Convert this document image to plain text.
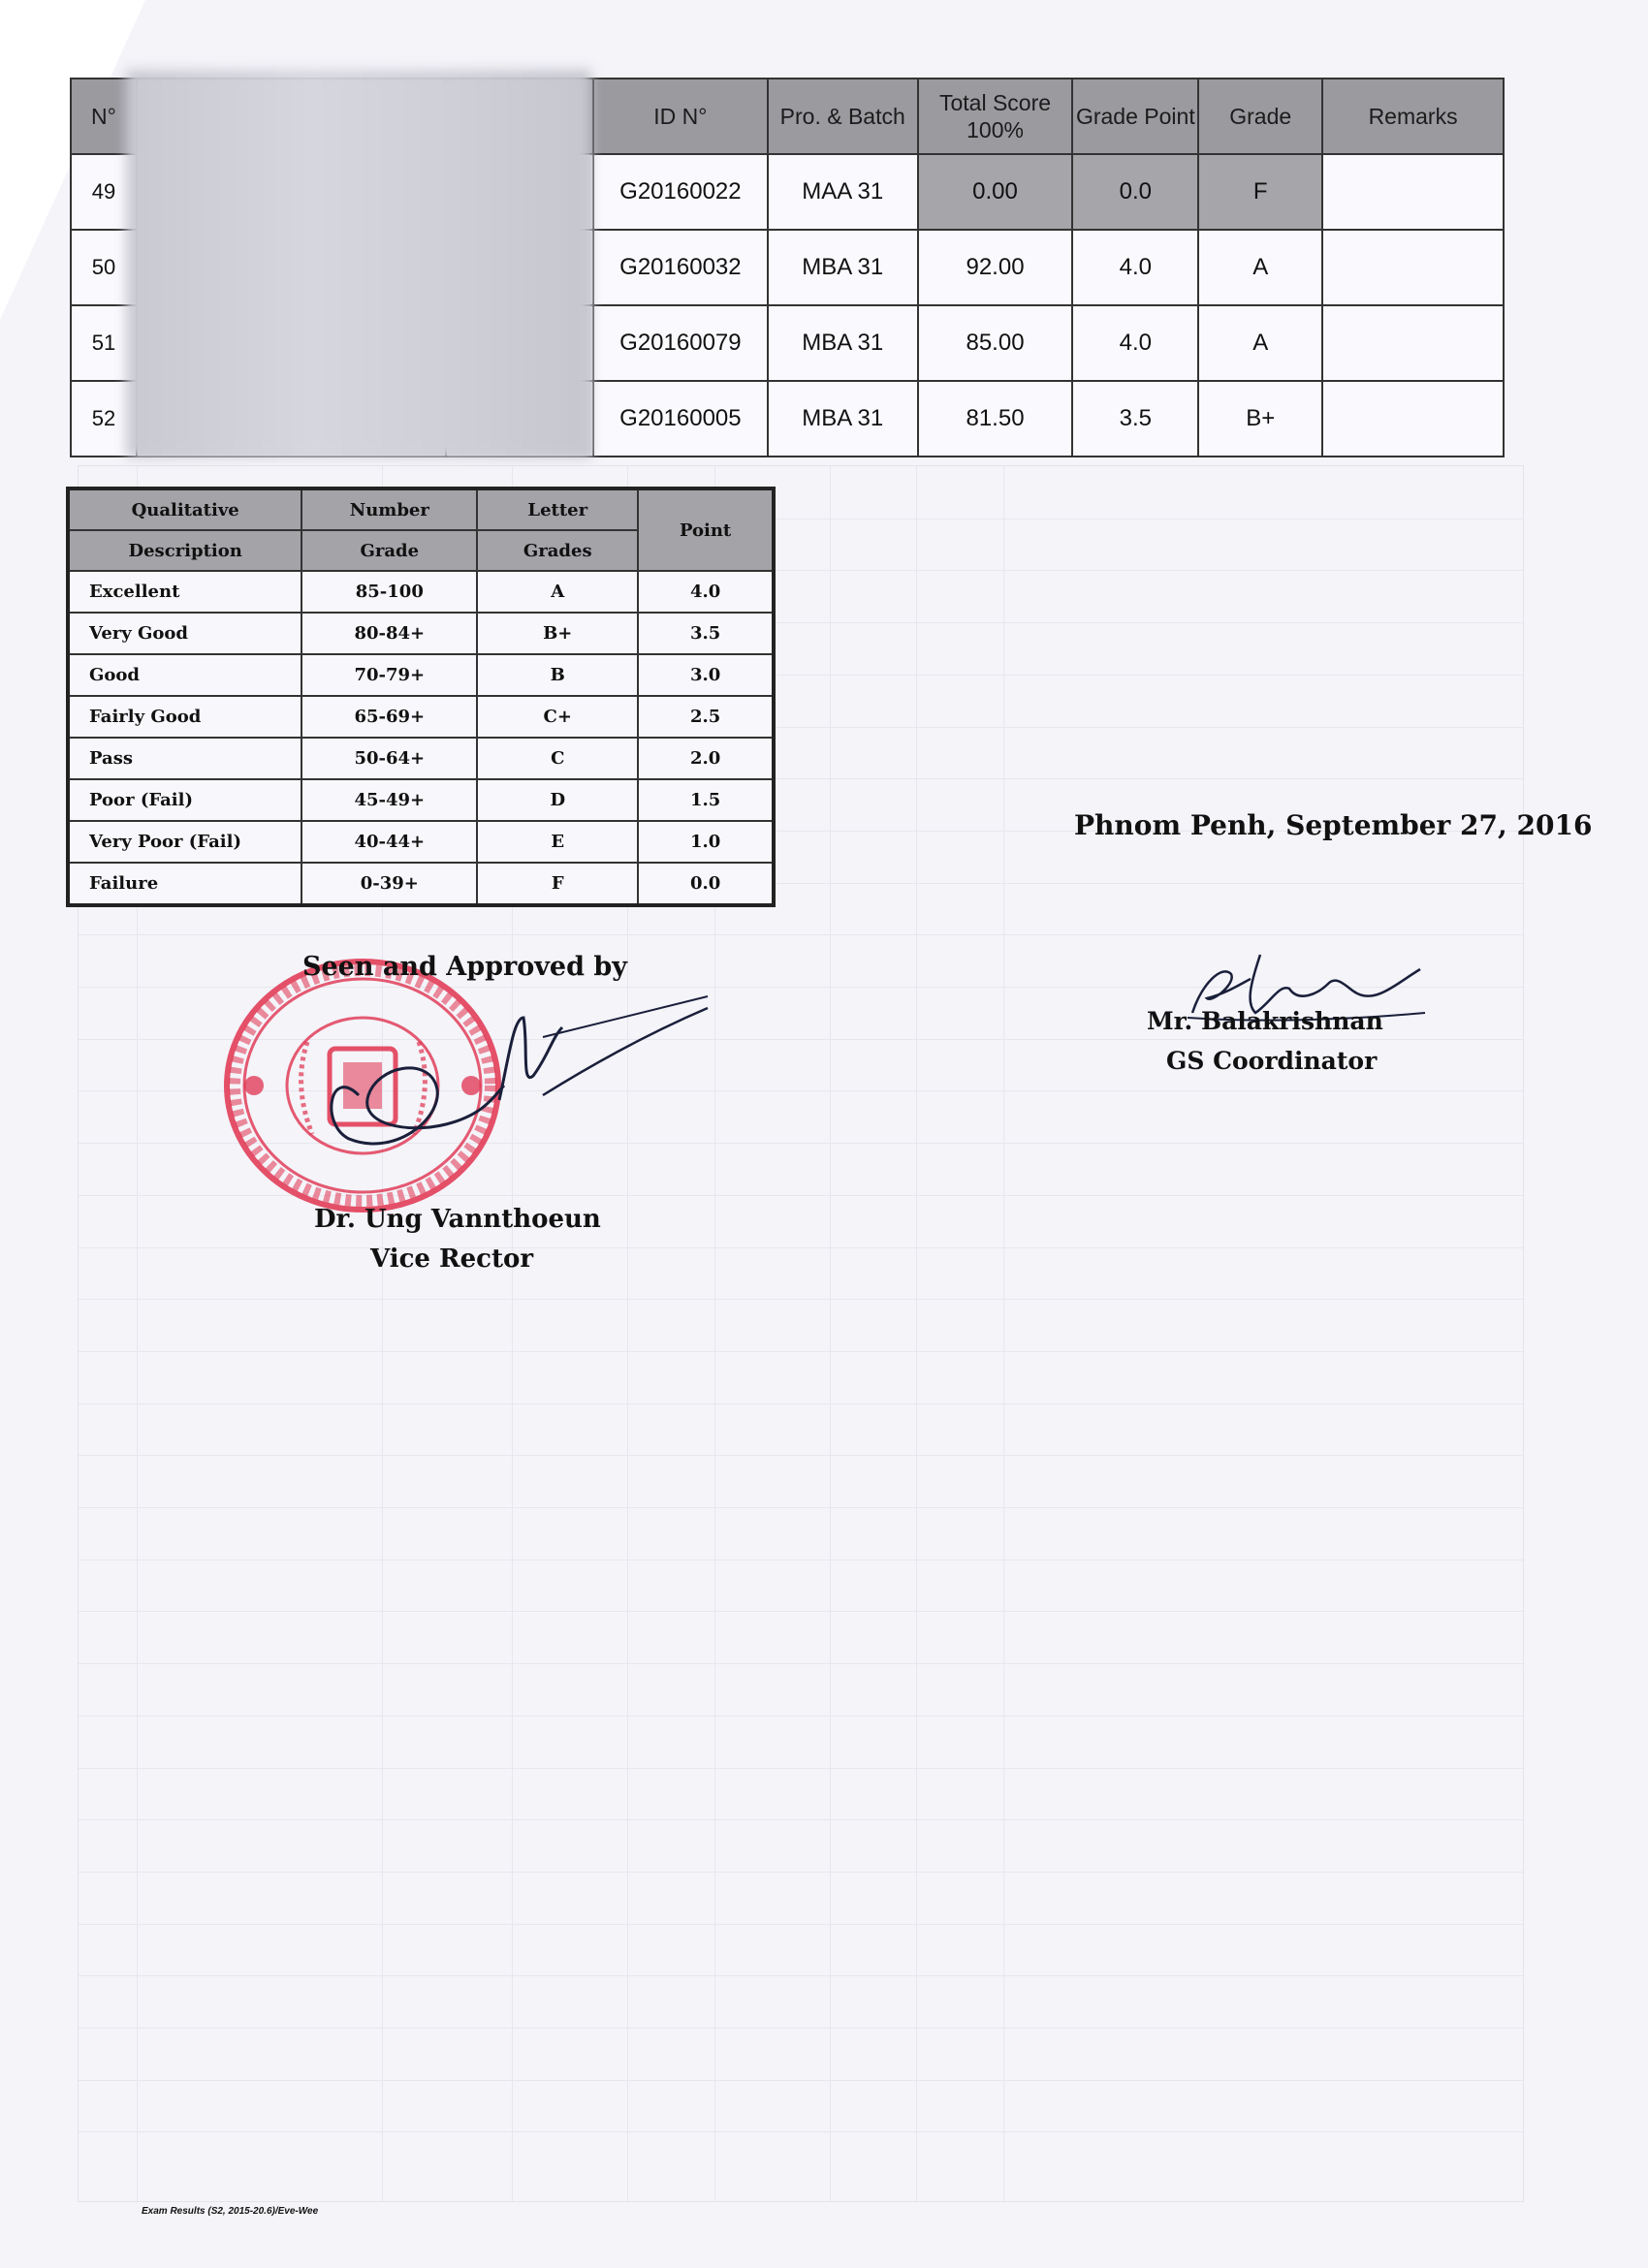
N°			ID N°	Pro. & Batch	Total Score 100%	Grade Point	Grade	Remarks
49			G20160022	MAA 31	0.00	0.0	F	
50			G20160032	MBA 31	92.00	4.0	A	
51			G20160079	MBA 31	85.00	4.0	A	
52			G20160005	MBA 31	81.50	3.5	B+	
Qualitative	Number	Letter	Point
Description	Grade	Grades	
Excellent	85-100	A	4.0
Very Good	80-84+	B+	3.5
Good	70-79+	B	3.0
Fairly Good	65-69+	C+	2.5
Pass	50-64+	C	2.0
Poor (Fail)	45-49+	D	1.5
Very Poor (Fail)	40-44+	E	1.0
Failure	0-39+	F	0.0
Phnom Penh, September 27, 2016
Seen and Approved by
Dr. Ung Vannthoeun
Vice Rector
Mr. Balakrishnan
GS Coordinator
Exam Results (S2, 2015-20.6)/Eve-Wee
